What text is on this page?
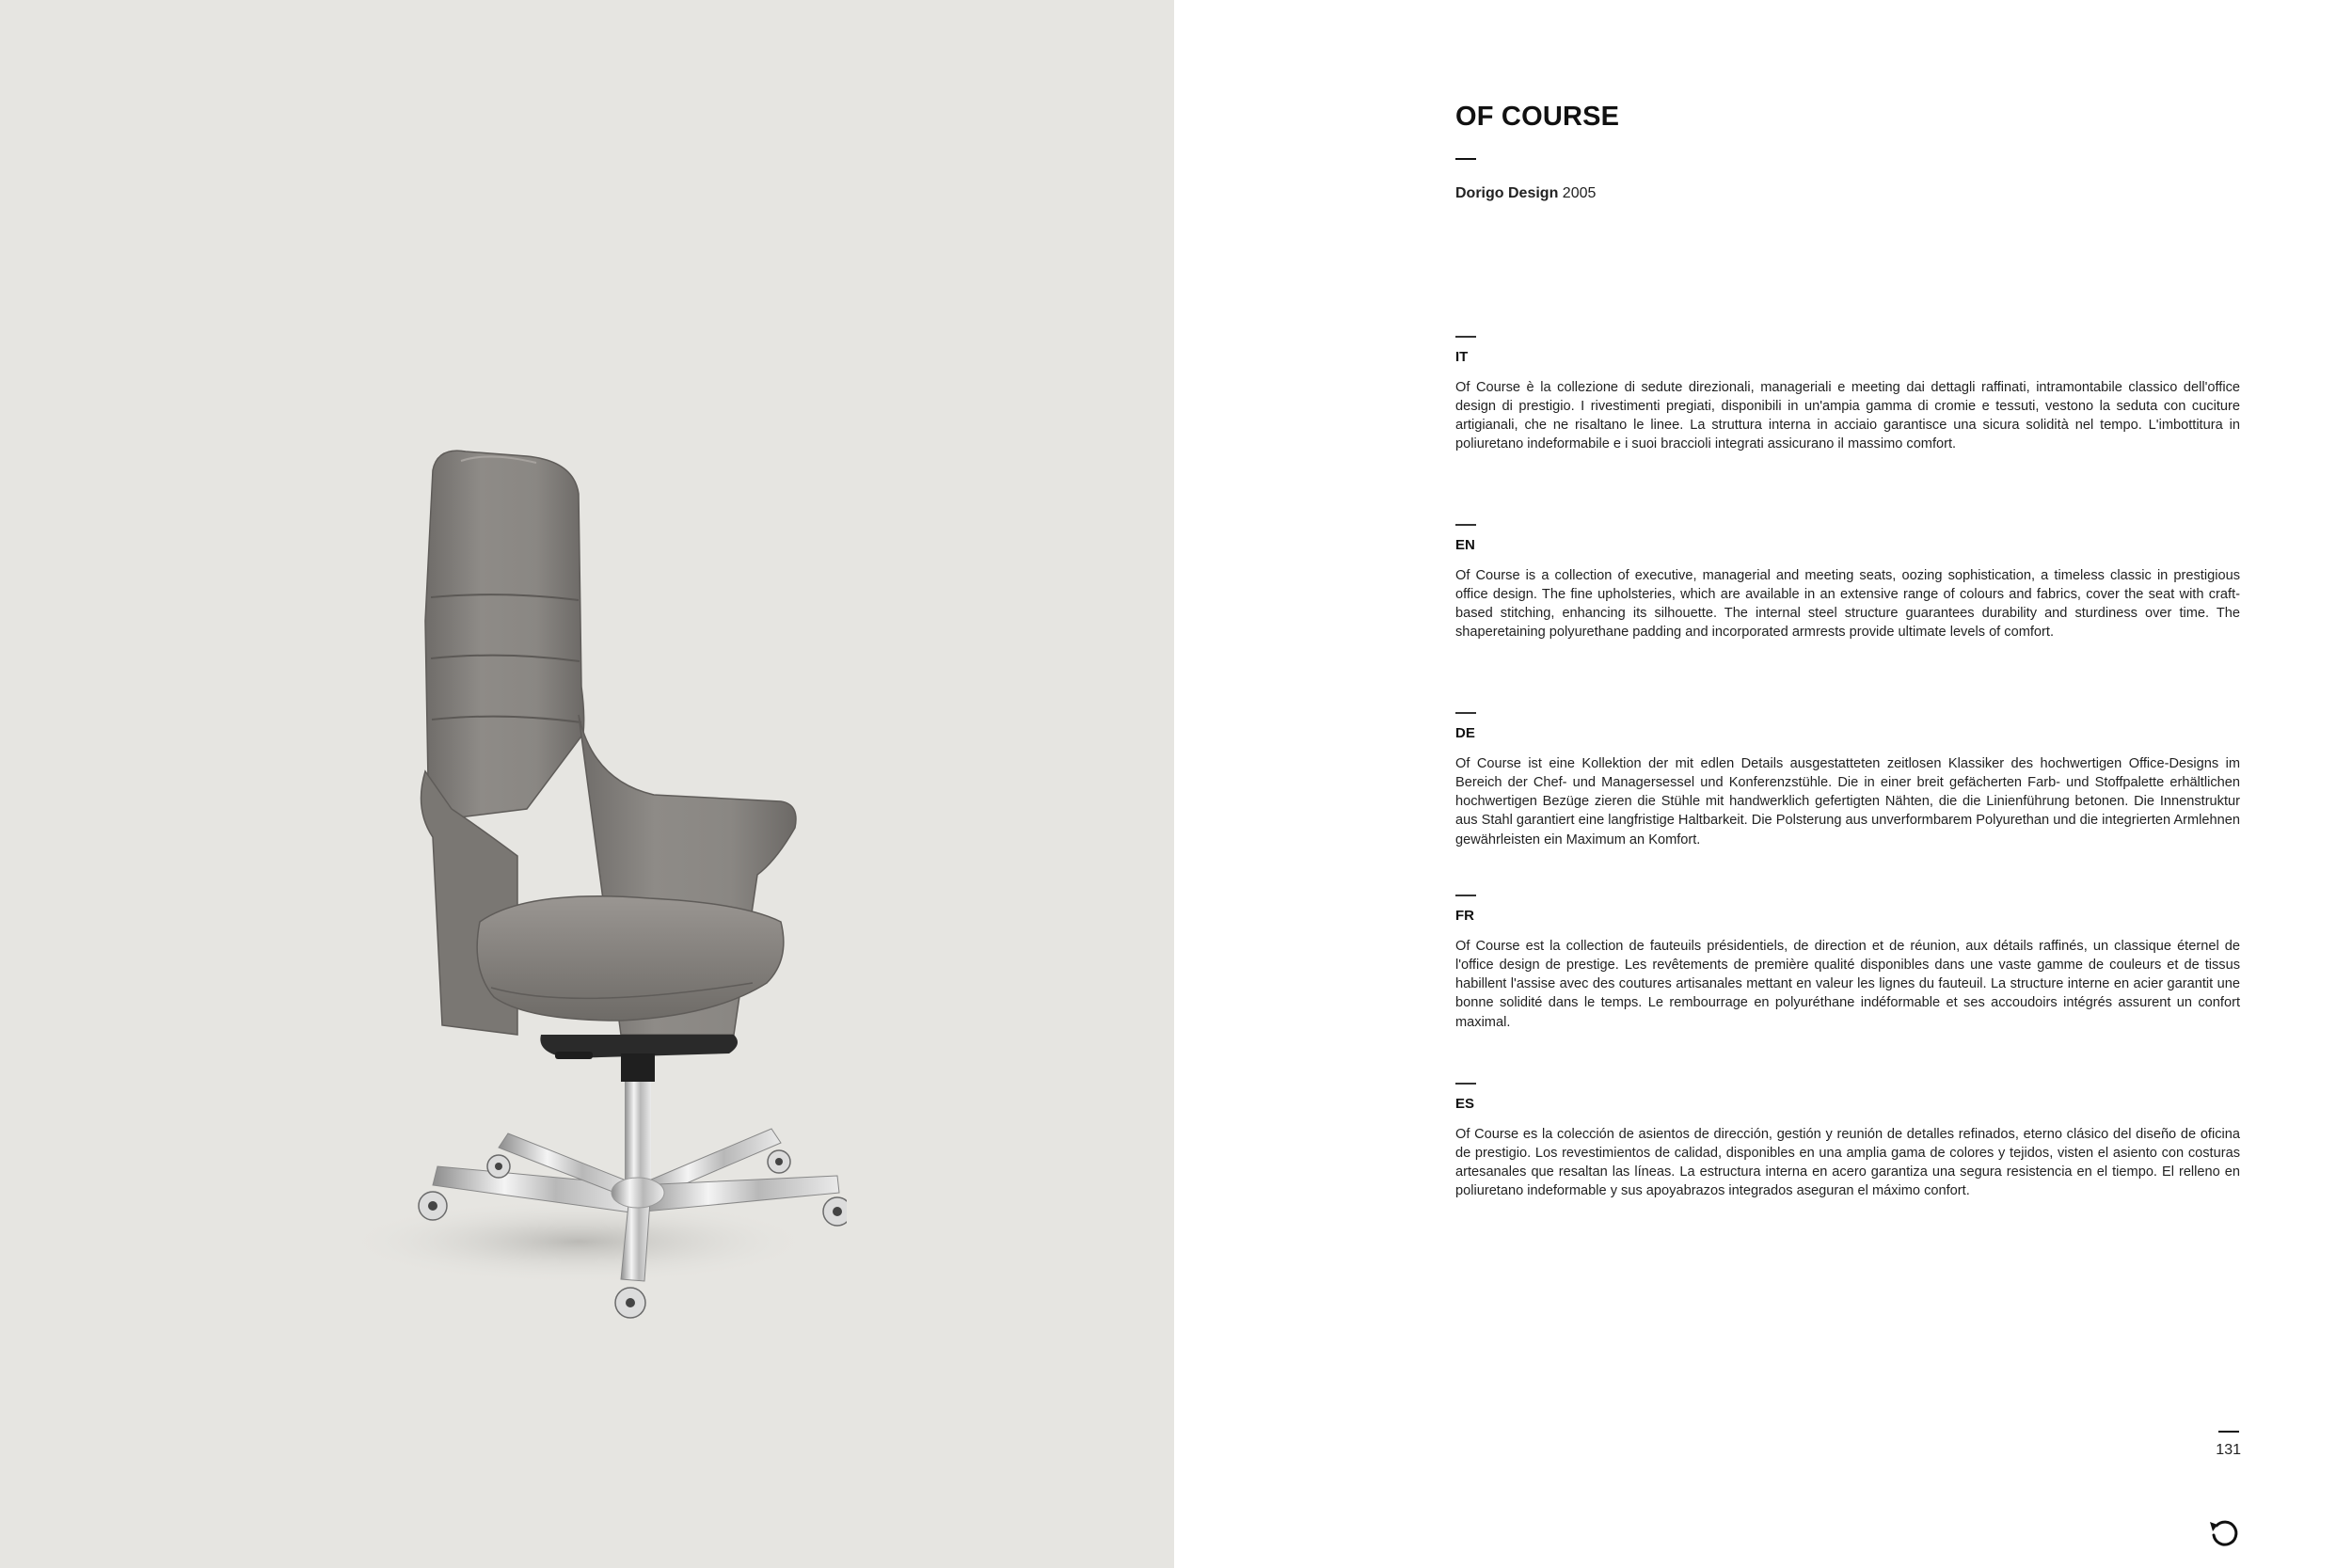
OF COURSE
Dorigo Design 2005
IT

Of Course è la collezione di sedute direzionali, manageriali e meeting dai dettagli raffinati, intramontabile classico dell'office design di prestigio. I rivestimenti pregiati, disponibili in un'ampia gamma di cromie e tessuti, vestono la seduta con cuciture artigianali, che ne risaltano le linee. La struttura interna in acciaio garantisce una sicura solidità nel tempo. L'imbottitura in poliuretano indeformabile e i suoi braccioli integrati assicurano il massimo comfort.

EN

Of Course is a collection of executive, managerial and meeting seats, oozing sophistication, a timeless classic in prestigious office design. The fine upholsteries, which are available in an extensive range of colours and fabrics, cover the seat with craft-based stitching, enhancing its silhouette. The internal steel structure guarantees durability and sturdiness over time. The shaperetaining polyurethane padding and incorporated armrests provide ultimate levels of comfort.

DE

Of Course ist eine Kollektion der mit edlen Details ausgestatteten zeitlosen Klassiker des hochwertigen Office-Designs im Bereich der Chef- und Managersessel und Konferenzstühle. Die in einer breit gefächerten Farb- und Stoffpalette erhältlichen hochwertigen Bezüge zieren die Stühle mit handwerklich gefertigten Nähten, die die Linienführung betonen. Die Innenstruktur aus Stahl garantiert eine langfristige Haltbarkeit. Die Polsterung aus unverformbarem Polyurethan und die integrierten Armlehnen gewährleisten ein Maximum an Komfort.

FR

Of Course est la collection de fauteuils présidentiels, de direction et de réunion, aux détails raffinés, un classique éternel de l'office design de prestige. Les revêtements de première qualité disponibles dans une vaste gamme de couleurs et de tissus habillent l'assise avec des coutures artisanales mettant en valeur les lignes du fauteuil. La structure interne en acier garantit une bonne solidité dans le temps. Le rembourrage en polyuréthane indéformable et ses accoudoirs intégrés assurent un confort maximal.

ES

Of Course es la colección de asientos de dirección, gestión y reunión de detalles refinados, eterno clásico del diseño de oficina de prestigio. Los revestimientos de calidad, disponibles en una amplia gama de colores y tejidos, visten el asiento con costuras artesanales que resaltan las líneas. La estructura interna en acero garantiza una segura resistencia en el tiempo. El relleno en poliuretano indeformable y sus apoyabrazos integrados aseguran el máximo confort.

131
